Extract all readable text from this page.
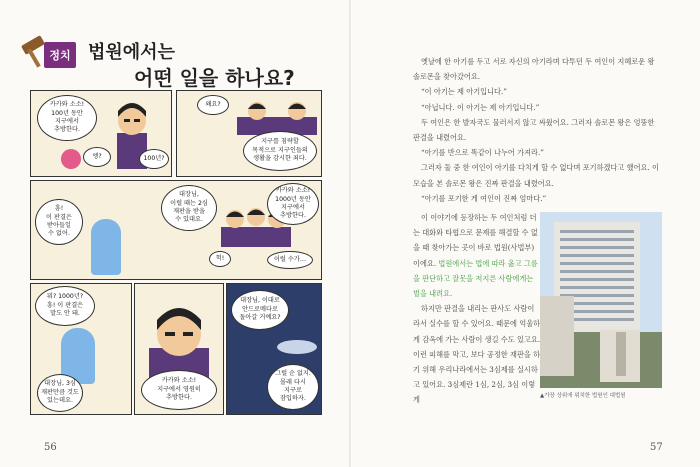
정치 법원에서는
어떤 일을 하나요?
카카와 소소!
100년 동안
지구에서
추방한다.
엥?	100년?
왜요?
지구를 침략할
목적으로 지구인들의
생활을 감시한 죄다.
흥!
이 판결은
받아들일
수 없어.
대장님,
이럴 때는 2심
재판을 받을
수 있대요.
카카와 소소!
1000년 동안
지구에서
추방한다.
헉!	이럴 수가…
뭐? 1000년?
흥! 이 판결은
말도 안 돼.
대장님, 3심
재판만큼 것도
있는데요.
카카와 소소!
지구에서 영원히
추방한다.
대장님, 이대로
안드로메다로
돌아갈 거예요?
그럴 순 없지.
몰래 다시
지구로
잠입하자.
56

옛날에 한 아기를 두고 서로 자신의 아기라며 다투던 두 여인이 지혜로운 왕 솔로몬을 찾아갔어요.

“이 아기는 제 아기입니다.”

“아닙니다. 이 아기는 제 아기입니다.”

두 여인은 한 발자국도 물러서지 않고 싸웠어요. 그러자 솔로몬 왕은 엉뚱한 판결을 내렸어요.

“아기를 반으로 똑같이 나누어 가져라.”

그러자 둘 중 한 여인이 아기를 다치게 할 수 없다며 포기하겠다고 했어요. 이 모습을 본 솔로몬 왕은 진짜 판결을 내렸어요.

“아기를 포기한 게 여인이 진짜 엄마다.”

이 이야기에 등장하는 두 여인처럼 더는 대화와 타협으로 문제를 해결할 수 없을 때 찾아가는 곳이 바로 법원(사법부)이에요. 법원에서는 법에 따라 옳고 그름을 판단하고 잘못을 저지른 사람에게는 벌을 내려요.

하지만 판결을 내리는 판사도 사람이라서 실수를 할 수 있어요. 때문에 억울하게 감옥에 가는 사람이 생길 수도 있고요. 이런 피해를 막고, 보다 공정한 재판을 하기 위해 우리나라에서는 3심제를 실시하고 있어요. 3심제란 1심, 2심, 3심 이렇게	▲가장 상위에 위치한 법원인 대법원
57
